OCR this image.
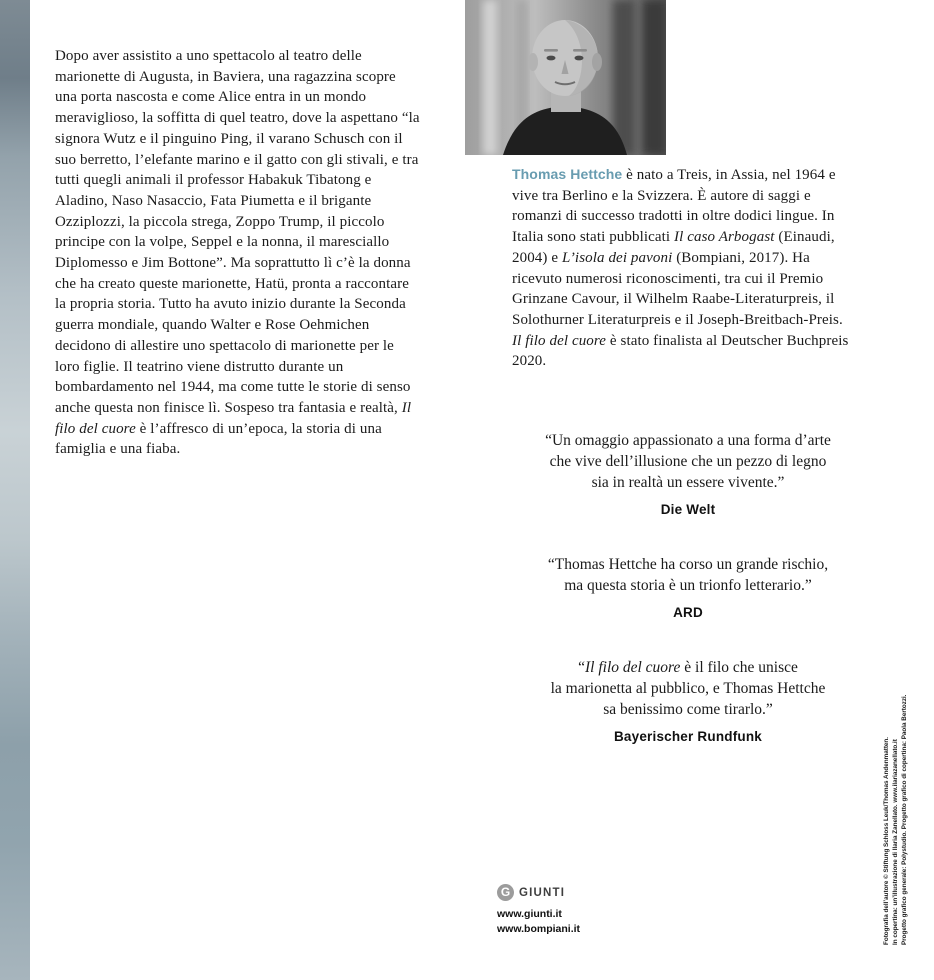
Dopo aver assistito a uno spettacolo al teatro delle marionette di Augusta, in Baviera, una ragazzina scopre una porta nascosta e come Alice entra in un mondo meraviglioso, la soffitta di quel teatro, dove la aspettano “la signora Wutz e il pinguino Ping, il varano Schusch con il suo berretto, l’elefante marino e il gatto con gli stivali, e tra tutti quegli animali il professor Habakuk Tibatong e Aladino, Naso Nasaccio, Fata Piumetta e il brigante Ozziplozzi, la piccola strega, Zoppo Trump, il piccolo principe con la volpe, Seppel e la nonna, il maresciallo Diplomesso e Jim Bottone”. Ma soprattutto lì c’è la donna che ha creato queste marionette, Hatü, pronta a raccontare la propria storia. Tutto ha avuto inizio durante la Seconda guerra mondiale, quando Walter e Rose Oehmichen decidono di allestire uno spettacolo di marionette per le loro figlie. Il teatrino viene distrutto durante un bombardamento nel 1944, ma come tutte le storie di senso anche questa non finisce lì. Sospeso tra fantasia e realtà, Il filo del cuore è l’affresco di un’epoca, la storia di una famiglia e una fiaba.

Thomas Hettche è nato a Treis, in Assia, nel 1964 e vive tra Berlino e la Svizzera. È autore di saggi e romanzi di successo tradotti in oltre dodici lingue. In Italia sono stati pubblicati Il caso Arbogast (Einaudi, 2004) e L’isola dei pavoni (Bompiani, 2017). Ha ricevuto numerosi riconoscimenti, tra cui il Premio Grinzane Cavour, il Wilhelm Raabe-Literaturpreis, il Solothurner Literaturpreis e il Joseph-Breitbach-Preis. Il filo del cuore è stato finalista al Deutscher Buchpreis 2020.

“Un omaggio appassionato a una forma d’arte
che vive dell’illusione che un pezzo di legno
sia in realtà un essere vivente.”
Die Welt
“Thomas Hettche ha corso un grande rischio,
ma questa storia è un trionfo letterario.”
ARD
“Il filo del cuore è il filo che unisce
la marionetta al pubblico, e Thomas Hettche
sa benissimo come tirarlo.”
Bayerischer Rundfunk
G GIUNTI
www.giunti.it
www.bompiani.it	Fotografia dell’autore © Stiftung Schloss Leuk/Thomas Andenmatten. In copertina: un’illustrazione di Ilaria Zanellato. www.ilariazanellato.it Progetto grafico generale: Polystudio. Progetto grafico di copertina: Paola Bertozzi.
